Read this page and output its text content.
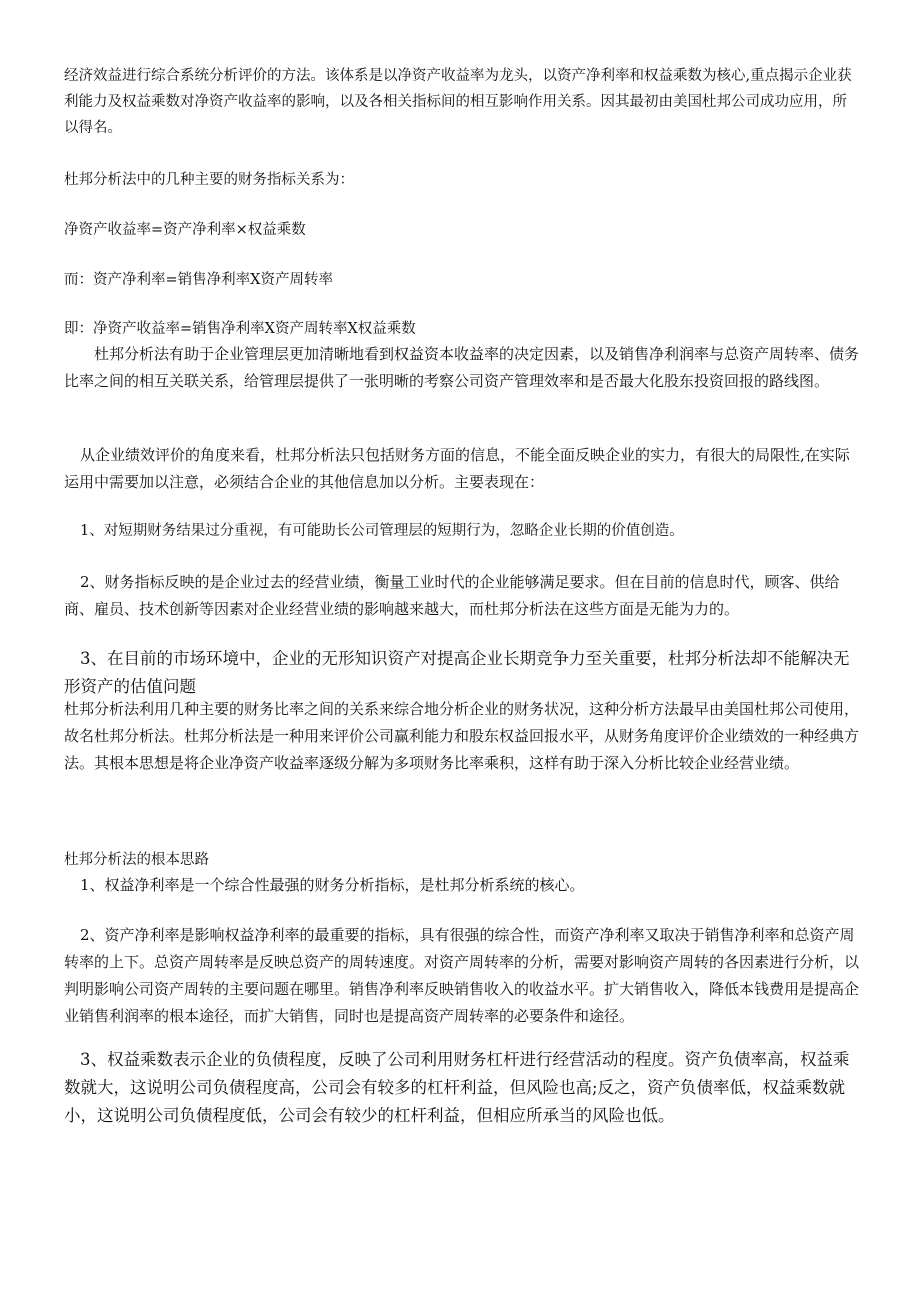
经济效益进行综合系统分析评价的方法。该体系是以净资产收益率为龙头，以资产净利率和权益乘数为核心,重点揭示企业获利能力及权益乘数对净资产收益率的影响，以及各相关指标间的相互影响作用关系。因其最初由美国杜邦公司成功应用，所以得名。

杜邦分析法中的几种主要的财务指标关系为：

净资产收益率=资产净利率×权益乘数

而：资产净利率=销售净利率X资产周转率

即：净资产收益率=销售净利率X资产周转率X权益乘数

杜邦分析法有助于企业管理层更加清晰地看到权益资本收益率的决定因素，以及销售净利润率与总资产周转率、债务比率之间的相互关联关系，给管理层提供了一张明晰的考察公司资产管理效率和是否最大化股东投资回报的路线图。

从企业绩效评价的角度来看，杜邦分析法只包括财务方面的信息，不能全面反映企业的实力，有很大的局限性,在实际运用中需要加以注意，必须结合企业的其他信息加以分析。主要表现在：

1、对短期财务结果过分重视，有可能助长公司管理层的短期行为，忽略企业长期的价值创造。

2、财务指标反映的是企业过去的经营业绩，衡量工业时代的企业能够满足要求。但在目前的信息时代，顾客、供给商、雇员、技术创新等因素对企业经营业绩的影响越来越大，而杜邦分析法在这些方面是无能为力的。

3、在目前的市场环境中，企业的无形知识资产对提高企业长期竞争力至关重要，杜邦分析法却不能解决无形资产的估值问题

杜邦分析法利用几种主要的财务比率之间的关系来综合地分析企业的财务状况，这种分析方法最早由美国杜邦公司使用，故名杜邦分析法。杜邦分析法是一种用来评价公司赢利能力和股东权益回报水平，从财务角度评价企业绩效的一种经典方法。其根本思想是将企业净资产收益率逐级分解为多项财务比率乘积，这样有助于深入分析比较企业经营业绩。

杜邦分析法的根本思路

1、权益净利率是一个综合性最强的财务分析指标，是杜邦分析系统的核心。

2、资产净利率是影响权益净利率的最重要的指标，具有很强的综合性，而资产净利率又取决于销售净利率和总资产周转率的上下。总资产周转率是反映总资产的周转速度。对资产周转率的分析，需要对影响资产周转的各因素进行分析，以判明影响公司资产周转的主要问题在哪里。销售净利率反映销售收入的收益水平。扩大销售收入，降低本钱费用是提高企业销售利润率的根本途径，而扩大销售，同时也是提高资产周转率的必要条件和途径。

3、权益乘数表示企业的负债程度，反映了公司利用财务杠杆进行经营活动的程度。资产负债率高，权益乘数就大，这说明公司负债程度高，公司会有较多的杠杆利益，但风险也高;反之，资产负债率低，权益乘数就小，这说明公司负债程度低，公司会有较少的杠杆利益，但相应所承当的风险也低。
